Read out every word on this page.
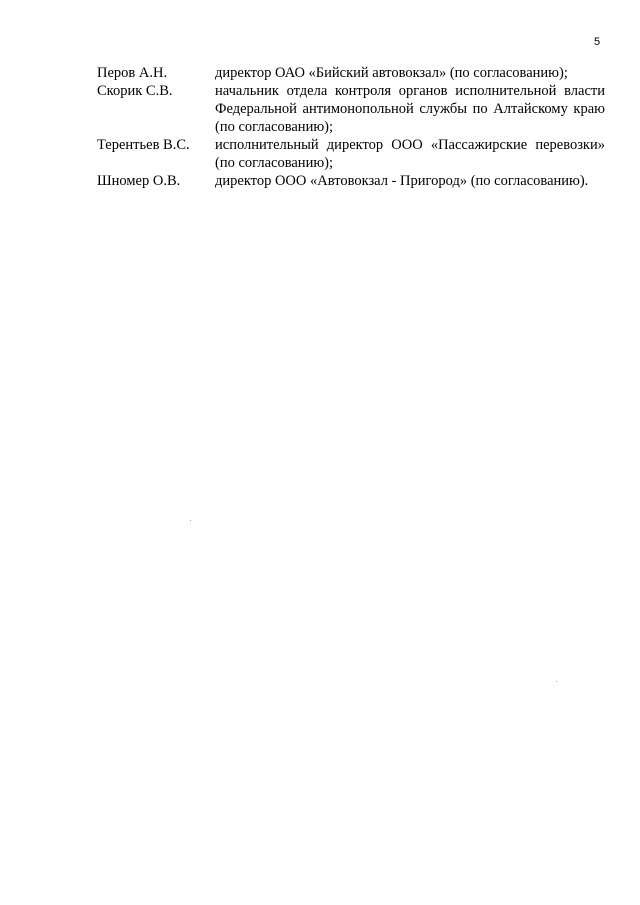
5
Перов А.Н.	директор ОАО «Бийский автовокзал» (по согласованию);
Скорик С.В.	начальник отдела контроля органов исполнительной власти Федеральной антимонопольной службы по Алтайскому краю (по согласованию);
Терентьев В.С.	исполнительный директор ООО «Пассажирские перевозки» (по согласованию);
Шномер О.В.	директор ООО «Автовокзал - Пригород» (по согласованию).
